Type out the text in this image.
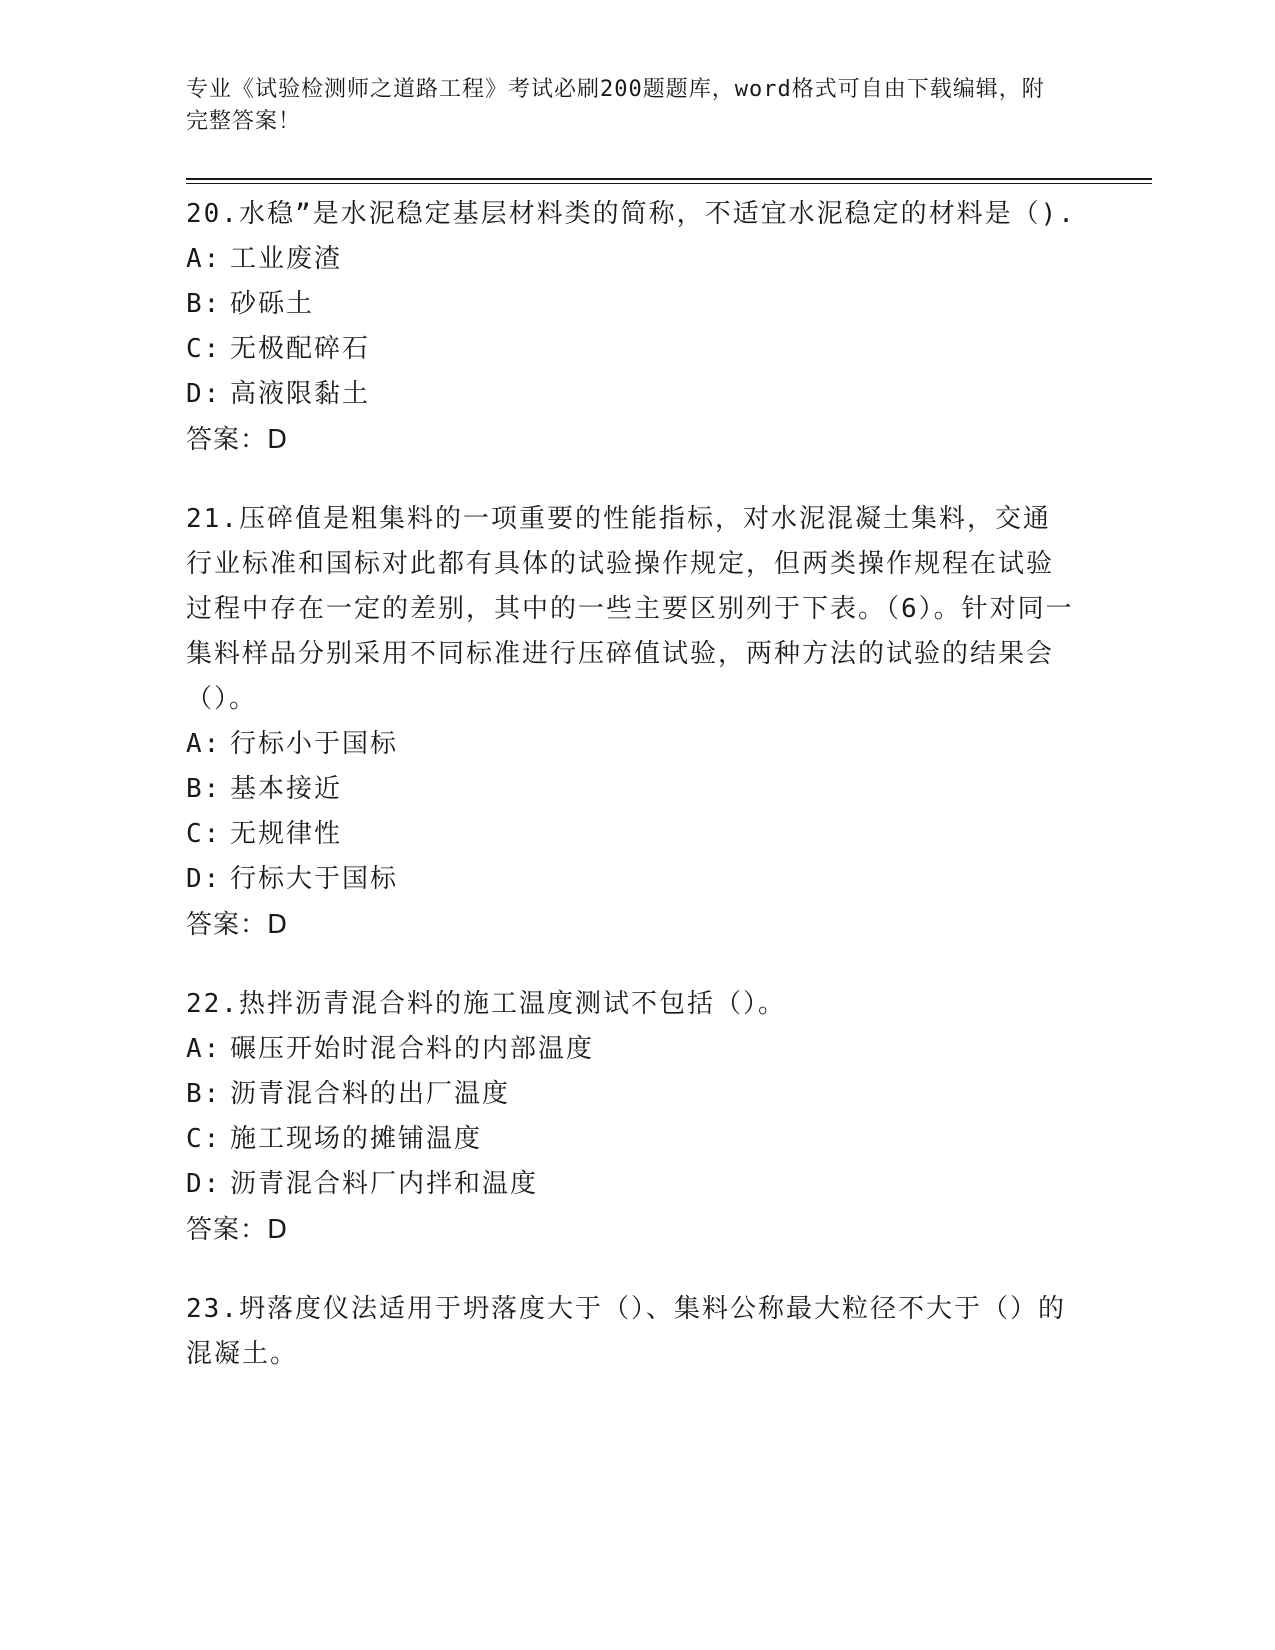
专业《试验检测师之道路工程》考试必刷200题题库，word格式可自由下载编辑，附完整答案！
20.水稳”是水泥稳定基层材料类的简称，不适宜水泥稳定的材料是（).
A: 工业废渣
B: 砂砾土
C: 无极配碎石
D: 高液限黏土
答案：D
21.压碎值是粗集料的一项重要的性能指标，对水泥混凝土集料，交通行业标准和国标对此都有具体的试验操作规定，但两类操作规程在试验过程中存在一定的差别，其中的一些主要区别列于下表。（6）。针对同一集料样品分别采用不同标准进行压碎值试验，两种方法的试验的结果会（）。
A: 行标小于国标
B: 基本接近
C: 无规律性
D: 行标大于国标
答案：D
22.热拌沥青混合料的施工温度测试不包括（）。
A: 碾压开始时混合料的内部温度
B: 沥青混合料的出厂温度
C: 施工现场的摊铺温度
D: 沥青混合料厂内拌和温度
答案：D
23.坍落度仪法适用于坍落度大于（）、集料公称最大粒径不大于（）的混凝土。
